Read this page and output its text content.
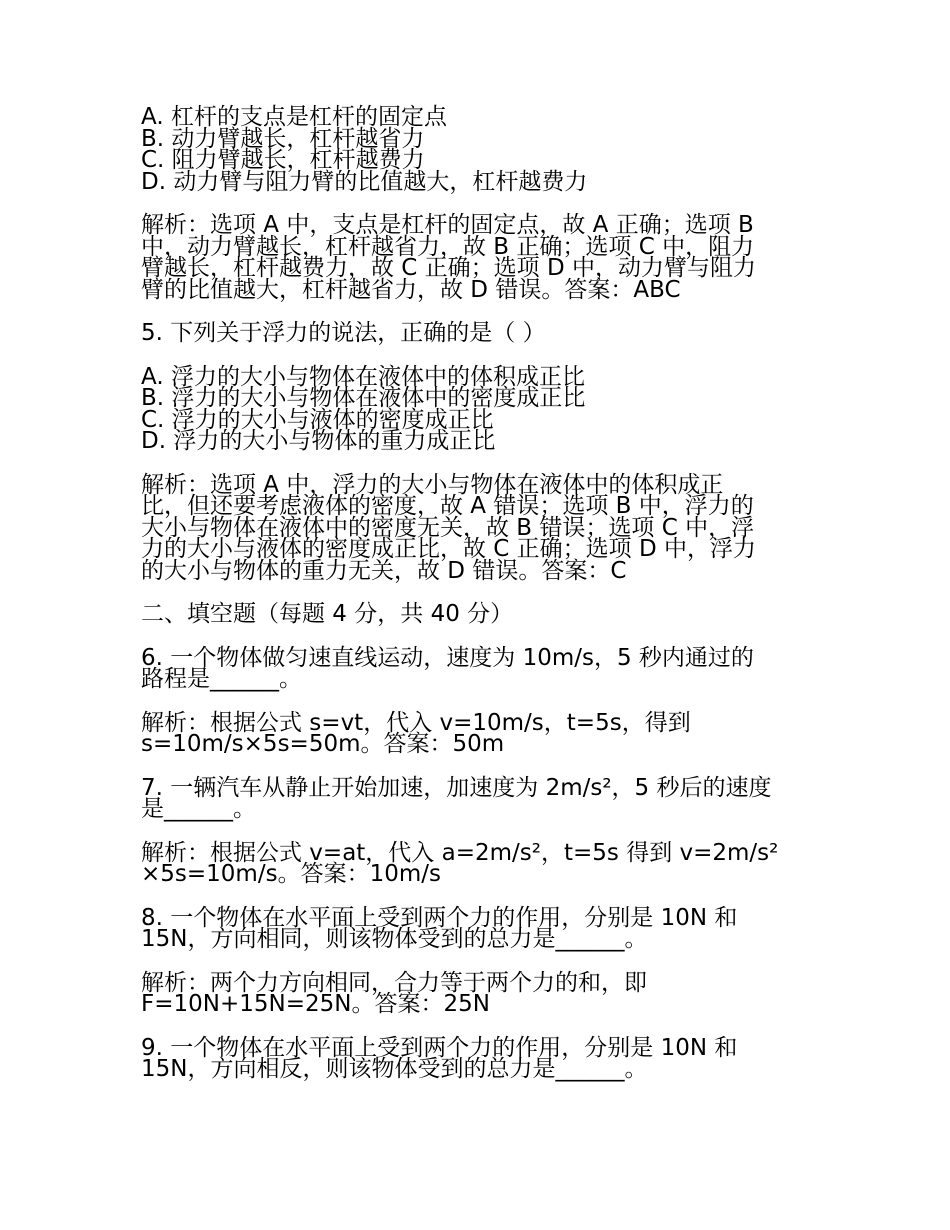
A. 杠杆的支点是杠杆的固定点
B. 动力臂越长，杠杆越省力
C. 阻力臂越长，杠杆越费力
D. 动力臂与阻力臂的比值越大，杠杆越费力
解析：选项 A 中，支点是杠杆的固定点，故 A 正确；选项 B
中，动力臂越长，杠杆越省力，故 B 正确；选项 C 中，阻力
臂越长，杠杆越费力，故 C 正确；选项 D 中，动力臂与阻力
臂的比值越大，杠杆越省力，故 D 错误。答案：ABC
5. 下列关于浮力的说法，正确的是（ ）
A. 浮力的大小与物体在液体中的体积成正比
B. 浮力的大小与物体在液体中的密度成正比
C. 浮力的大小与液体的密度成正比
D. 浮力的大小与物体的重力成正比
解析：选项 A 中，浮力的大小与物体在液体中的体积成正
比，但还要考虑液体的密度，故 A 错误；选项 B 中，浮力的
大小与物体在液体中的密度无关，故 B 错误；选项 C 中，浮
力的大小与液体的密度成正比，故 C 正确；选项 D 中，浮力
的大小与物体的重力无关，故 D 错误。答案：C
二、填空题（每题 4 分，共 40 分）
6. 一个物体做匀速直线运动，速度为 10m/s，5 秒内通过的
路程是______。
解析：根据公式 s=vt，代入 v=10m/s，t=5s，得到
s=10m/s×5s=50m。答案：50m
7. 一辆汽车从静止开始加速，加速度为 2m/s²，5 秒后的速度
是______。
解析：根据公式 v=at，代入 a=2m/s²，t=5s 得到 v=2m/s²
×5s=10m/s。答案：10m/s
8. 一个物体在水平面上受到两个力的作用，分别是 10N 和
15N，方向相同，则该物体受到的总力是______。
解析：两个力方向相同，合力等于两个力的和，即
F=10N+15N=25N。答案：25N
9. 一个物体在水平面上受到两个力的作用，分别是 10N 和
15N，方向相反，则该物体受到的总力是______。
